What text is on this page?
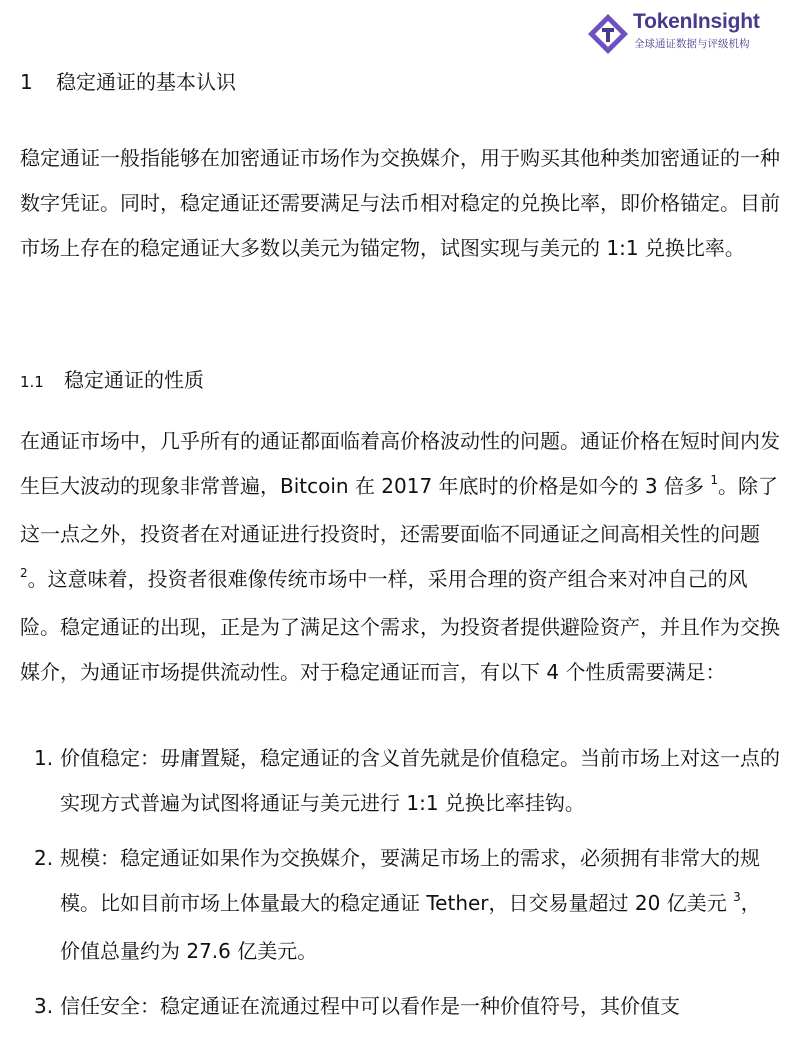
TokenInsight
全球通证数据与评级机构
1 稳定通证的基本认识
稳定通证一般指能够在加密通证市场作为交换媒介，用于购买其他种类加密通证的一种数字凭证。同时，稳定通证还需要满足与法币相对稳定的兑换比率，即价格锚定。目前市场上存在的稳定通证大多数以美元为锚定物，试图实现与美元的 1:1 兑换比率。
1.1 稳定通证的性质
在通证市场中，几乎所有的通证都面临着高价格波动性的问题。通证价格在短时间内发生巨大波动的现象非常普遍，Bitcoin 在 2017 年底时的价格是如今的 3 倍多 $^1$。除了这一点之外，投资者在对通证进行投资时，还需要面临不同通证之间高相关性的问题 $^2$。这意味着，投资者很难像传统市场中一样，采用合理的资产组合来对冲自己的风险。稳定通证的出现，正是为了满足这个需求，为投资者提供避险资产，并且作为交换媒介，为通证市场提供流动性。对于稳定通证而言，有以下 4 个性质需要满足：
1. 价值稳定：毋庸置疑，稳定通证的含义首先就是价值稳定。当前市场上对这一点的实现方式普遍为试图将通证与美元进行 1:1 兑换比率挂钩。
2. 规模：稳定通证如果作为交换媒介，要满足市场上的需求，必须拥有非常大的规模。比如目前市场上体量最大的稳定通证 Tether，日交易量超过 20 亿美元 $^3$，价值总量约为 27.6 亿美元。
3. 信任安全：稳定通证在流通过程中可以看作是一种价值符号，其价值支
